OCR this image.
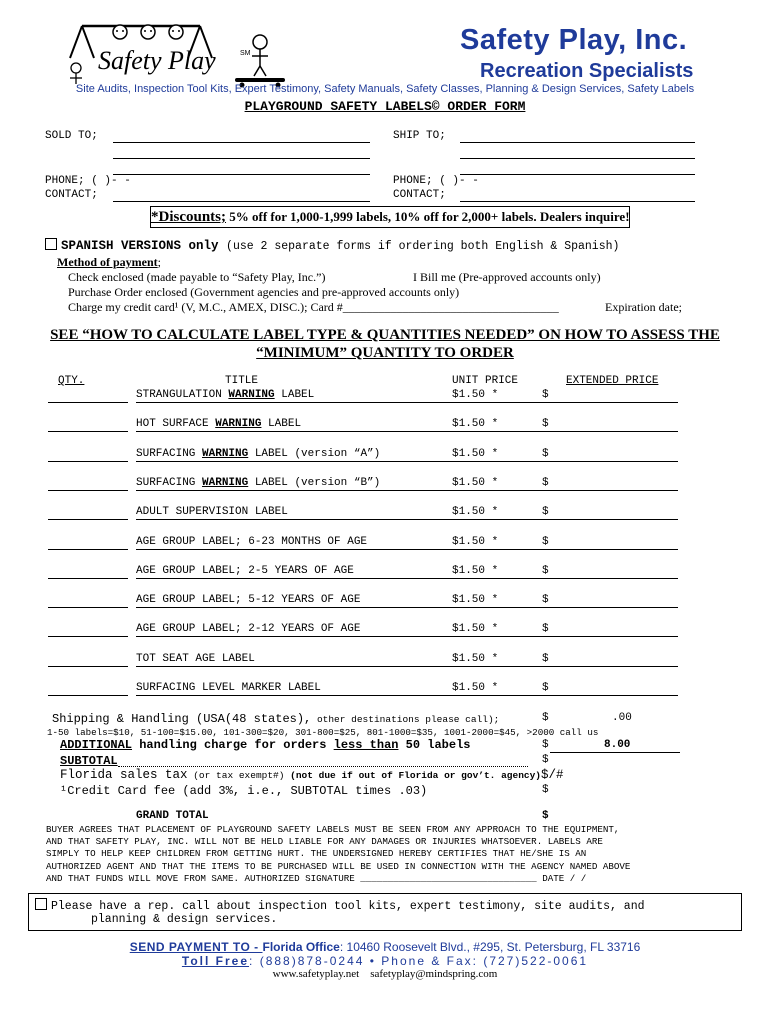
Safety Play	SM	Safety Play, Inc.
Recreation Specialists
Site Audits, Inspection Tool Kits, Expert Testimony, Safety Manuals, Safety Classes, Planning & Design Services, Safety Labels
PLAYGROUND SAFETY LABELS© ORDER FORM
SOLD TO;
PHONE; ( )- -
CONTACT;
SHIP TO;
PHONE; ( )- -
CONTACT;
*Discounts; 5% off for 1,000-1,999 labels, 10% off for 2,000+ labels. Dealers inquire!
SPANISH VERSIONS only (use 2 separate forms if ordering both English & Spanish)
Method of payment;
Check enclosed (made payable to “Safety Play, Inc.”)	I Bill me (Pre-approved accounts only)
Purchase Order enclosed (Government agencies and pre-approved accounts only)
Charge my credit card¹ (V, M.C., AMEX, DISC.); Card #____________________________________	Expiration date;
SEE “HOW TO CALCULATE LABEL TYPE & QUANTITIES NEEDED” ON HOW TO ASSESS THE “MINIMUM” QUANTITY TO ORDER
QTY.	TITLE	UNIT PRICE	EXTENDED PRICE
STRANGULATION WARNING LABEL	$1.50 *	$
HOT SURFACE WARNING LABEL	$1.50 *	$
SURFACING WARNING LABEL (version “A”)	$1.50 *	$
SURFACING WARNING LABEL (version “B”)	$1.50 *	$
ADULT SUPERVISION LABEL	$1.50 *	$
AGE GROUP LABEL; 6-23 MONTHS OF AGE	$1.50 *	$
AGE GROUP LABEL; 2-5 YEARS OF AGE	$1.50 *	$
AGE GROUP LABEL; 5-12 YEARS OF AGE	$1.50 *	$
AGE GROUP LABEL; 2-12 YEARS OF AGE	$1.50 *	$
TOT SEAT AGE LABEL	$1.50 *	$
SURFACING LEVEL MARKER LABEL	$1.50 *	$
Shipping & Handling (USA(48 states), other destinations please call);	$	.00
1-50 labels=$10, 51-100=$15.00, 101-300=$20, 301-800=$25, 801-1000=$35, 1001-2000=$45, >2000 call us
ADDITIONAL handling charge for orders less than 50 labels	$	8.00
SUBTOTAL	$
Florida sales tax (or tax exempt#) (not due if out of Florida or gov’t. agency)$/#
¹Credit Card fee (add 3%, i.e., SUBTOTAL times .03)	$
GRAND TOTAL	$
BUYER AGREES THAT PLACEMENT OF PLAYGROUND SAFETY LABELS MUST BE SEEN FROM ANY APPROACH TO THE EQUIPMENT,
AND THAT SAFETY PLAY, INC. WILL NOT BE HELD LIABLE FOR ANY DAMAGES OR INJURIES WHATSOEVER. LABELS ARE
SIMPLY TO HELP KEEP CHILDREN FROM GETTING HURT. THE UNDERSIGNED HEREBY CERTIFIES THAT HE/SHE IS AN
AUTHORIZED AGENT AND THAT THE ITEMS TO BE PURCHASED WILL BE USED IN CONNECTION WITH THE AGENCY NAMED ABOVE
AND THAT FUNDS WILL MOVE FROM SAME. AUTHORIZED SIGNATURE ________________________________ DATE / /
Please have a rep. call about inspection tool kits, expert testimony, site audits, and
planning & design services.
SEND PAYMENT TO - Florida Office: 10460 Roosevelt Blvd., #295, St. Petersburg, FL 33716
Toll Free: (888)878-0244 • Phone & Fax: (727)522-0061
www.safetyplay.net safetyplay@mindspring.com
